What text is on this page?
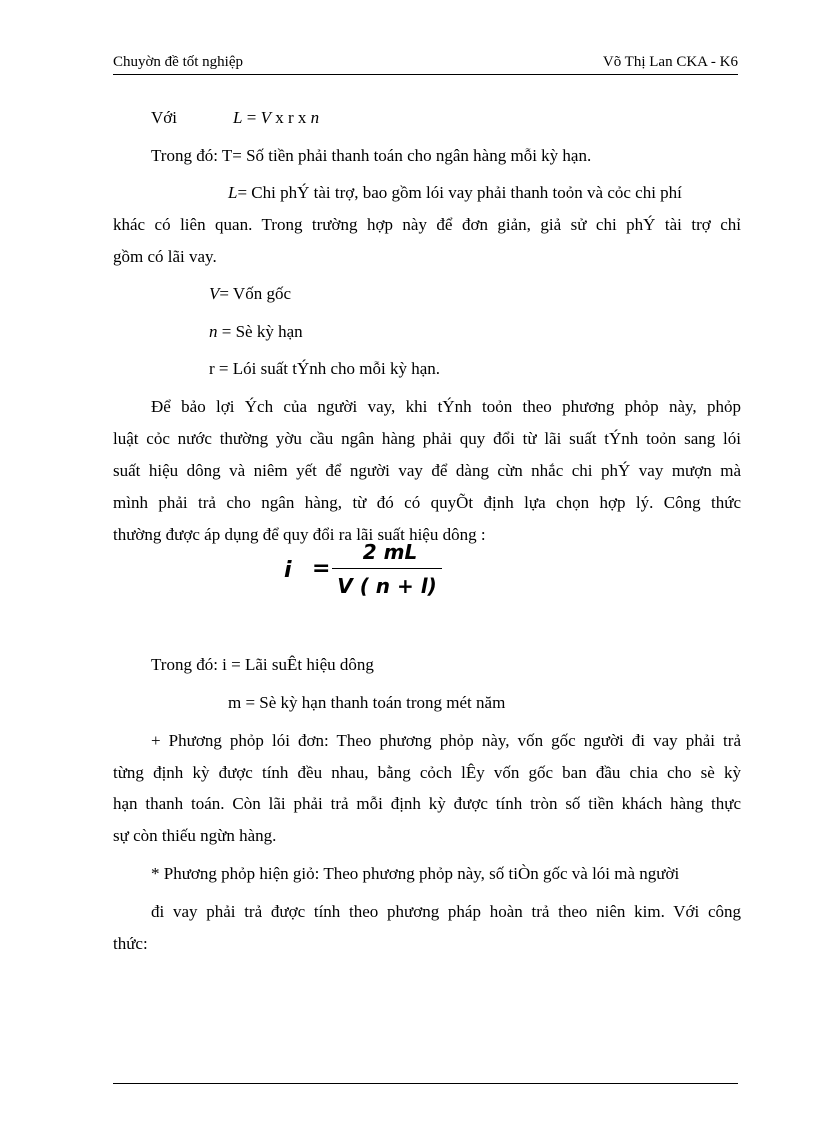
Chuyờn đề tốt nghiệp	Võ Thị Lan CKA - K6
Với	L = V x r x n
Trong đó: T= Số tiền phải thanh toán cho ngân hàng mỗi kỳ hạn.
L= Chi phÝ tài trợ, bao gồm lói vay phải thanh toỏn và cỏc chi phí
khác có liên quan. Trong trường hợp này để đơn giản, giả sử chi phÝ tài trợ chỉ
gồm có lãi vay.
V= Vốn gốc
n = Sè kỳ hạn
r = Lói suất tÝnh cho mỗi kỳ hạn.
Để bảo lợi Ých của người vay, khi tÝnh toỏn theo phương phỏp này, phỏp
luật cỏc nước thường yờu cầu ngân hàng phải quy đổi từ lãi suất tÝnh toỏn sang lói
suất hiệu dông và niêm yết để người vay để dàng cừn nhắc chi phÝ vay mượn mà
mình phải trả cho ngân hàng, từ đó có quyÕt định lựa chọn hợp lý. Công thức
thường được áp dụng để quy đổi ra lãi suất hiệu dông :
i =
2 mL
V ( n + l)
Trong đó: i = Lãi suÊt hiệu dông
m = Sè kỳ hạn thanh toán trong mét năm
+ Phương phỏp lói đơn: Theo phương phỏp này, vốn gốc người đi vay phải trả
từng định kỳ được tính đều nhau, bằng cỏch lÊy vốn gốc ban đầu chia cho sè kỳ
hạn thanh toán. Còn lãi phải trả mỗi định kỳ được tính tròn số tiền khách hàng thực
sự còn thiếu ngừn hàng.
* Phương phỏp hiện giỏ: Theo phương phỏp này, số tiÒn gốc và lói mà người
đi vay phải trả được tính theo phương pháp hoàn trả theo niên kim. Với công
thức:
